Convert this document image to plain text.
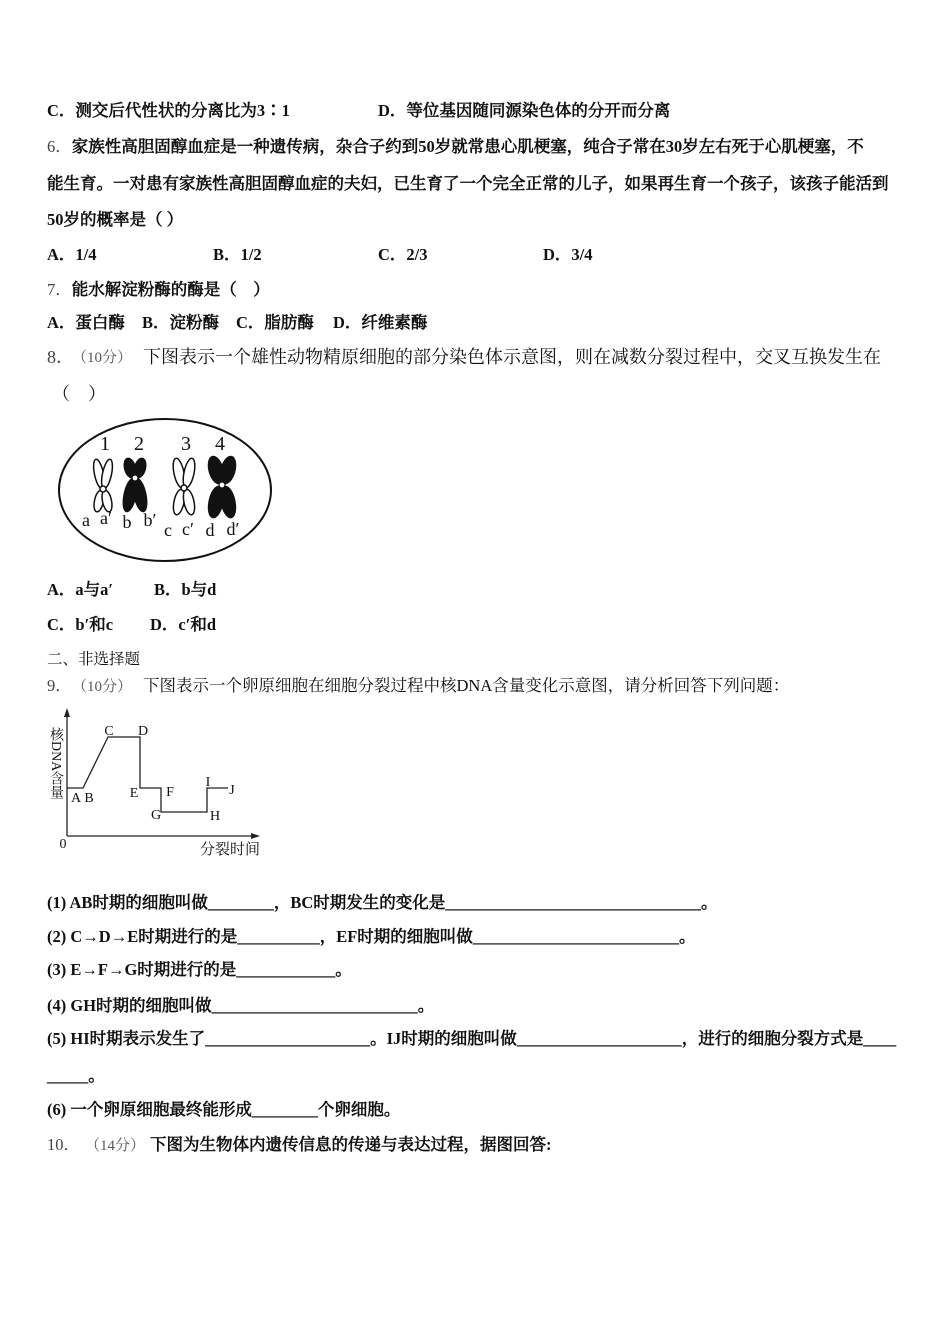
C．测交后代性状的分离比为3∶1	D．等位基因随同源染色体的分开而分离
6．家族性高胆固醇血症是一种遗传病，杂合子约到50岁就常患心肌梗塞，纯合子常在30岁左右死于心肌梗塞，不
能生育。一对患有家族性高胆固醇血症的夫妇，已生育了一个完全正常的儿子，如果再生育一个孩子，该孩子能活到
50岁的概率是（ ）
A．1/4	B．1/2	C．2/3	D．3/4
7．能水解淀粉酶的酶是（　）
A．蛋白酶 B．淀粉酶 C．脂肪酶 D．纤维素酶
8．
（10分） 下图表示一个雄性动物精原细胞的部分染色体示意图，则在减数分裂过程中，交叉互换发生在
（　）
1 2 3 4
a a′ b b′ c c′ d d′
A．a与a′ B．b与d
C．b′和c D．c′和d
二、非选择题
9． （10分） 下图表示一个卵原细胞在细胞分裂过程中核DNA含量变化示意图，请分析回答下列问题：
0	分裂时间
A B
C D
E F
G	H
I
J
核DNA含量
(1) AB时期的细胞叫做________，BC时期发生的变化是_______________________________。
(2) C→D→E时期进行的是__________，EF时期的细胞叫做_________________________。
(3) E→F→G时期进行的是____________。
(4) GH时期的细胞叫做_________________________。
(5) HI时期表示发生了____________________。IJ时期的细胞叫做____________________，进行的细胞分裂方式是____
_____。
(6) 一个卵原细胞最终能形成________个卵细胞。
10． （14分） 下图为生物体内遗传信息的传递与表达过程，据图回答:
